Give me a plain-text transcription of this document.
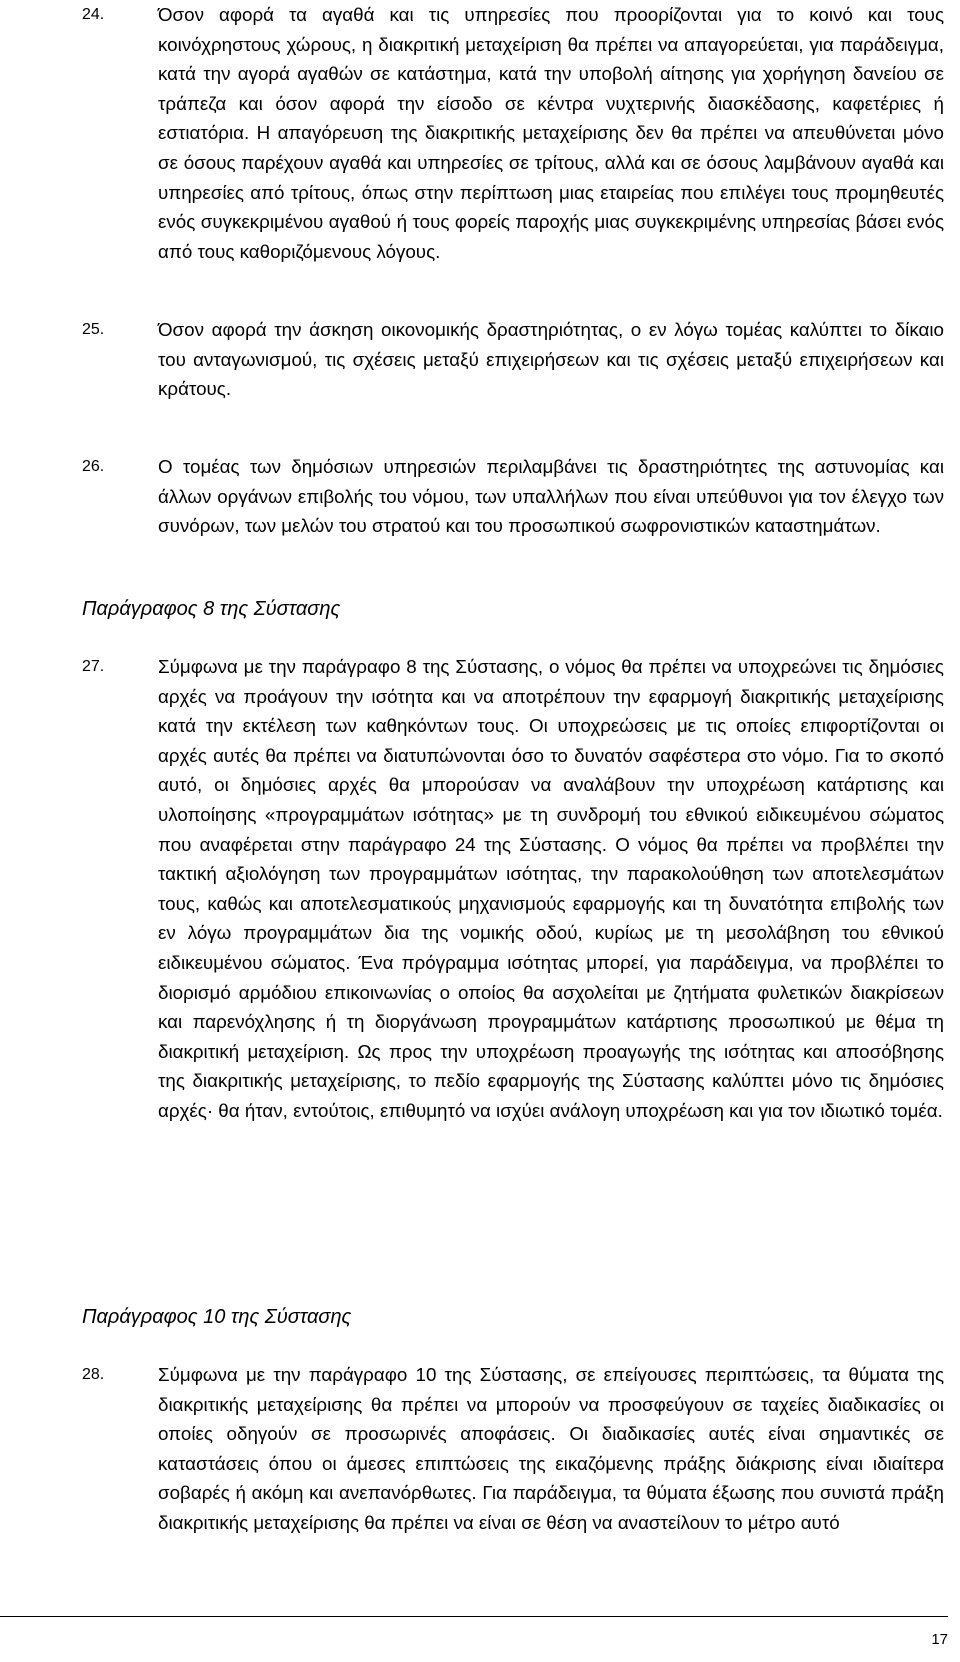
24.	Όσον αφορά τα αγαθά και τις υπηρεσίες που προορίζονται για το κοινό και τους κοινόχρηστους χώρους, η διακριτική μεταχείριση θα πρέπει να απαγορεύεται, για παράδειγμα, κατά την αγορά αγαθών σε κατάστημα, κατά την υποβολή αίτησης για χορήγηση δανείου σε τράπεζα και όσον αφορά την είσοδο σε κέντρα νυχτερινής διασκέδασης, καφετέριες ή εστιατόρια. Η απαγόρευση της διακριτικής μεταχείρισης δεν θα πρέπει να απευθύνεται μόνο σε όσους παρέχουν αγαθά και υπηρεσίες σε τρίτους, αλλά και σε όσους λαμβάνουν αγαθά και υπηρεσίες από τρίτους, όπως στην περίπτωση μιας εταιρείας που επιλέγει τους προμηθευτές ενός συγκεκριμένου αγαθού ή τους φορείς παροχής μιας συγκεκριμένης υπηρεσίας βάσει ενός από τους καθοριζόμενους λόγους.
25.	Όσον αφορά την άσκηση οικονομικής δραστηριότητας, ο εν λόγω τομέας καλύπτει το δίκαιο του ανταγωνισμού, τις σχέσεις μεταξύ επιχειρήσεων και τις σχέσεις μεταξύ επιχειρήσεων και κράτους.
26.	Ο τομέας των δημόσιων υπηρεσιών περιλαμβάνει τις δραστηριότητες της αστυνομίας και άλλων οργάνων επιβολής του νόμου, των υπαλλήλων που είναι υπεύθυνοι για τον έλεγχο των συνόρων, των μελών του στρατού και του προσωπικού σωφρονιστικών καταστημάτων.
Παράγραφος 8 της Σύστασης
27.	Σύμφωνα με την παράγραφο 8 της Σύστασης, ο νόμος θα πρέπει να υποχρεώνει τις δημόσιες αρχές να προάγουν την ισότητα και να αποτρέπουν την εφαρμογή διακριτικής μεταχείρισης κατά την εκτέλεση των καθηκόντων τους. Οι υποχρεώσεις με τις οποίες επιφορτίζονται οι αρχές αυτές θα πρέπει να διατυπώνονται όσο το δυνατόν σαφέστερα στο νόμο. Για το σκοπό αυτό, οι δημόσιες αρχές θα μπορούσαν να αναλάβουν την υποχρέωση κατάρτισης και υλοποίησης «προγραμμάτων ισότητας» με τη συνδρομή του εθνικού ειδικευμένου σώματος που αναφέρεται στην παράγραφο 24 της Σύστασης. Ο νόμος θα πρέπει να προβλέπει την τακτική αξιολόγηση των προγραμμάτων ισότητας, την παρακολούθηση των αποτελεσμάτων τους, καθώς και αποτελεσματικούς μηχανισμούς εφαρμογής και τη δυνατότητα επιβολής των εν λόγω προγραμμάτων δια της νομικής οδού, κυρίως με τη μεσολάβηση του εθνικού ειδικευμένου σώματος. Ένα πρόγραμμα ισότητας μπορεί, για παράδειγμα, να προβλέπει το διορισμό αρμόδιου επικοινωνίας ο οποίος θα ασχολείται με ζητήματα φυλετικών διακρίσεων και παρενόχλησης ή τη διοργάνωση προγραμμάτων κατάρτισης προσωπικού με θέμα τη διακριτική μεταχείριση. Ως προς την υποχρέωση προαγωγής της ισότητας και αποσόβησης της διακριτικής μεταχείρισης, το πεδίο εφαρμογής της Σύστασης καλύπτει μόνο τις δημόσιες αρχές· θα ήταν, εντούτοις, επιθυμητό να ισχύει ανάλογη υποχρέωση και για τον ιδιωτικό τομέα.
Παράγραφος 10 της Σύστασης
28.	Σύμφωνα με την παράγραφο 10 της Σύστασης, σε επείγουσες περιπτώσεις, τα θύματα της διακριτικής μεταχείρισης θα πρέπει να μπορούν να προσφεύγουν σε ταχείες διαδικασίες οι οποίες οδηγούν σε προσωρινές αποφάσεις. Οι διαδικασίες αυτές είναι σημαντικές σε καταστάσεις όπου οι άμεσες επιπτώσεις της εικαζόμενης πράξης διάκρισης είναι ιδιαίτερα σοβαρές ή ακόμη και ανεπανόρθωτες. Για παράδειγμα, τα θύματα έξωσης που συνιστά πράξη διακριτικής μεταχείρισης θα πρέπει να είναι σε θέση να αναστείλουν το μέτρο αυτό
17
